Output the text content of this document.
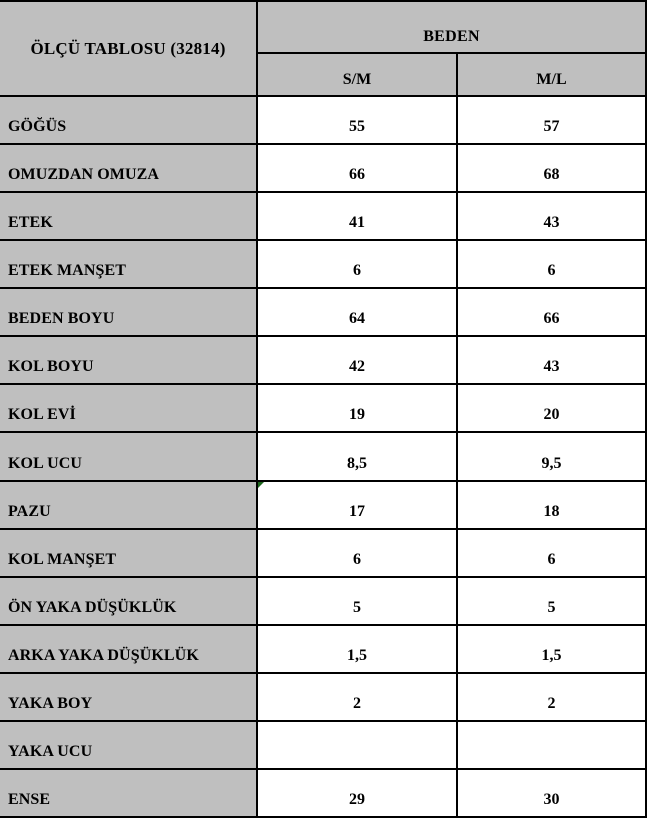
ÖLÇÜ TABLOSU (32814)
BEDEN
S/M	M/L
GÖĞÜS	55	57
OMUZDAN OMUZA	66	68
ETEK	41	43
ETEK MANŞET	6	6
BEDEN BOYU	64	66
KOL BOYU	42	43
KOL EVİ	19	20
KOL UCU	8,5	9,5
PAZU	17	18
KOL MANŞET	6	6
ÖN YAKA DÜŞÜKLÜK	5	5
ARKA YAKA DÜŞÜKLÜK	1,5	1,5
YAKA BOY	2	2
YAKA UCU
ENSE	29	30
